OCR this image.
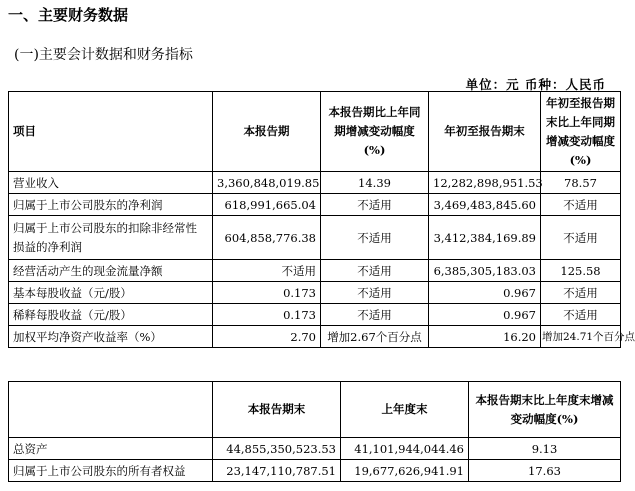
一、主要财务数据
(一)主要会计数据和财务指标
单位：元 币种：人民币
项目	本报告期	本报告期比上年同期增减变动幅度(%)	年初至报告期末	年初至报告期末比上年同期增减变动幅度(%)
营业收入	3,360,848,019.85	14.39	12,282,898,951.53	78.57
归属于上市公司股东的净利润	618,991,665.04	不适用	3,469,483,845.60	不适用
归属于上市公司股东的扣除非经常性损益的净利润	604,858,776.38	不适用	3,412,384,169.89	不适用
经营活动产生的现金流量净额	不适用	不适用	6,385,305,183.03	125.58
基本每股收益（元/股）	0.173	不适用	0.967	不适用
稀释每股收益（元/股）	0.173	不适用	0.967	不适用
加权平均净资产收益率（%）	2.70	增加2.67个百分点	16.20	增加24.71个百分点
	本报告期末	上年度末	本报告期末比上年度末增减变动幅度(%)
总资产	44,855,350,523.53	41,101,944,044.46	9.13
归属于上市公司股东的所有者权益	23,147,110,787.51	19,677,626,941.91	17.63
